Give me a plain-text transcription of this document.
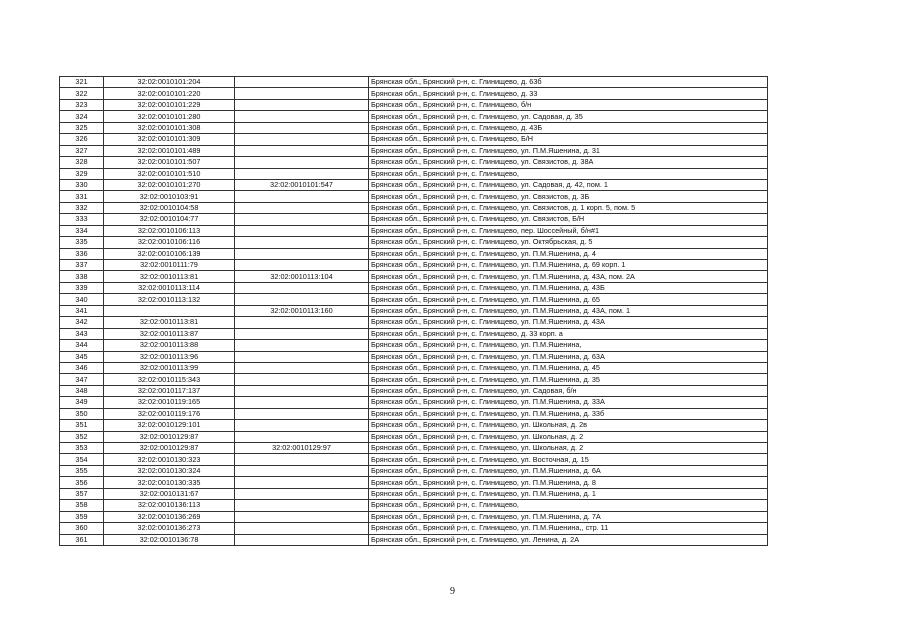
321	32:02:0010101:204		Брянская обл., Брянский р-н, с. Глинищево, д. 63б
322	32:02:0010101:220		Брянская обл., Брянский р-н, с. Глинищево, д. 33
323	32:02:0010101:229		Брянская обл., Брянский р-н, с. Глинищево, б/н
324	32:02:0010101:280		Брянская обл., Брянский р-н, с. Глинищево, ул. Садовая, д. 35
325	32:02:0010101:308		Брянская обл., Брянский р-н, с. Глинищево, д. 43Б
326	32:02:0010101:309		Брянская обл., Брянский р-н, с. Глинищево, Б/Н
327	32:02:0010101:489		Брянская обл., Брянский р-н, с. Глинищево, ул. П.М.Яшенина, д. 31
328	32:02:0010101:507		Брянская обл., Брянский р-н, с. Глинищево, ул. Связистов, д. 38А
329	32:02:0010101:510		Брянская обл., Брянский р-н, с. Глинищево,
330	32:02:0010101:270	32:02:0010101:547	Брянская обл., Брянский р-н, с. Глинищево, ул. Садовая, д. 42, пом. 1
331	32:02:0010103:91		Брянская обл., Брянский р-н, с. Глинищево, ул. Связистов, д. 3Б
332	32:02:0010104:58		Брянская обл., Брянский р-н, с. Глинищево, ул. Связистов, д. 1 корп. 5, пом. 5
333	32:02:0010104:77		Брянская обл., Брянский р-н, с. Глинищево, ул. Связистов, Б/Н
334	32:02:0010106:113		Брянская обл., Брянский р-н, с. Глинищево, пер. Шоссейный, б/н#1
335	32:02:0010106:116		Брянская обл., Брянский р-н, с. Глинищево, ул. Октябрьская, д. 5
336	32:02:0010106:139		Брянская обл., Брянский р-н, с. Глинищево, ул. П.М.Яшенина, д. 4
337	32:02:0010111:79		Брянская обл., Брянский р-н, с. Глинищево, ул. П.М.Яшенина, д. 69 корп. 1
338	32:02:0010113:81	32:02:0010113:104	Брянская обл., Брянский р-н, с. Глинищево, ул. П.М.Яшенина, д. 43А, пом. 2А
339	32:02:0010113:114		Брянская обл., Брянский р-н, с. Глинищево, ул. П.М.Яшенина, д. 43Б
340	32:02:0010113:132		Брянская обл., Брянский р-н, с. Глинищево, ул. П.М.Яшенина, д. 65
341		32:02:0010113:160	Брянская обл., Брянский р-н, с. Глинищево, ул. П.М.Яшенина, д. 43А, пом. 1
342	32:02:0010113:81		Брянская обл., Брянский р-н, с. Глинищево, ул. П.М.Яшенина, д. 43А
343	32:02:0010113:87		Брянская обл., Брянский р-н, с. Глинищево, д. 33 корп. а
344	32:02:0010113:88		Брянская обл., Брянский р-н, с. Глинищево, ул. П.М.Яшенина,
345	32:02:0010113:96		Брянская обл., Брянский р-н, с. Глинищево, ул. П.М.Яшенина, д. 63А
346	32:02:0010113:99		Брянская обл., Брянский р-н, с. Глинищево, ул. П.М.Яшенина, д. 45
347	32:02:0010115:343		Брянская обл., Брянский р-н, с. Глинищево, ул. П.М.Яшенина, д. 35
348	32:02:0010117:137		Брянская обл., Брянский р-н, с. Глинищево, ул. Садовая, б/н
349	32:02:0010119:165		Брянская обл., Брянский р-н, с. Глинищево, ул. П.М.Яшенина, д. 33А
350	32:02:0010119:176		Брянская обл., Брянский р-н, с. Глинищево, ул. П.М.Яшенина, д. 33б
351	32:02:0010129:101		Брянская обл., Брянский р-н, с. Глинищево, ул. Школьная, д. 2в
352	32:02:0010129:87		Брянская обл., Брянский р-н, с. Глинищево, ул. Школьная, д. 2
353	32:02:0010129:87	32:02:0010129:97	Брянская обл., Брянский р-н, с. Глинищево, ул. Школьная, д. 2
354	32:02:0010130:323		Брянская обл., Брянский р-н, с. Глинищево, ул. Восточная, д. 15
355	32:02:0010130:324		Брянская обл., Брянский р-н, с. Глинищево, ул. П.М.Яшенина, д. 6А
356	32:02:0010130:335		Брянская обл., Брянский р-н, с. Глинищево, ул. П.М.Яшенина, д. 8
357	32:02:0010131:67		Брянская обл., Брянский р-н, с. Глинищево, ул. П.М.Яшенина, д. 1
358	32:02:0010136:113		Брянская обл., Брянский р-н, с. Глинищево,
359	32:02:0010136:269		Брянская обл., Брянский р-н, с. Глинищево, ул. П.М.Яшенина, д. 7А
360	32:02:0010136:273		Брянская обл., Брянский р-н, с. Глинищево, ул. П.М.Яшенина,, стр. 11
361	32:02:0010136:78		Брянская обл., Брянский р-н, с. Глинищево, ул. Ленина, д. 2А
9
